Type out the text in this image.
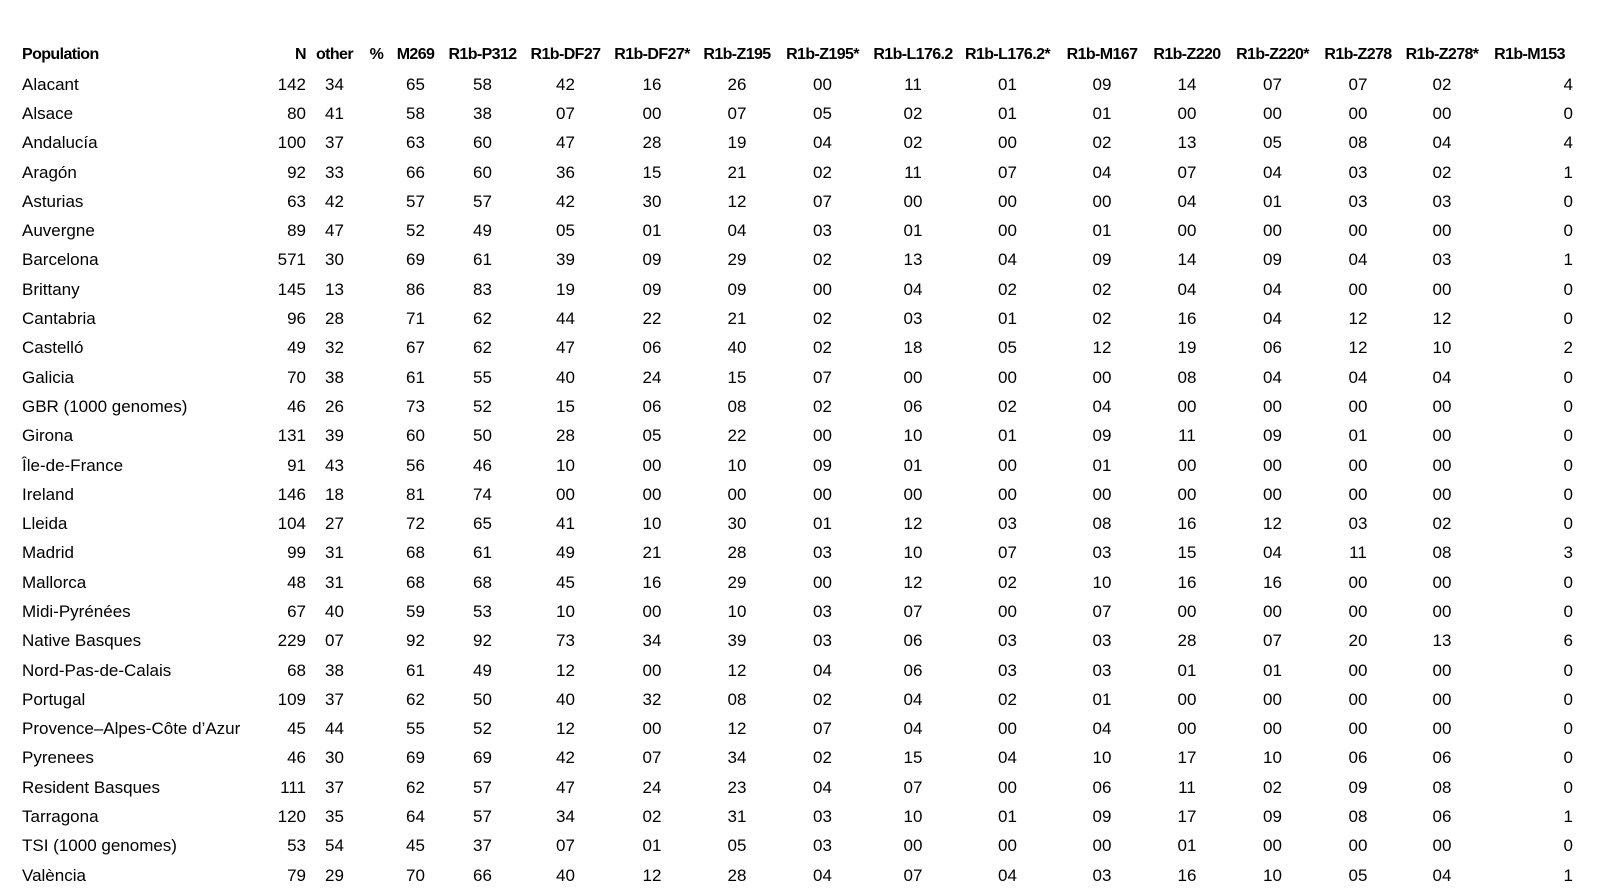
Population	N	other	%	M269	R1b-P312	R1b-DF27	R1b-DF27*	R1b-Z195	R1b-Z195*	R1b-L176.2	R1b-L176.2*	R1b-M167	R1b-Z220	R1b-Z220*	R1b-Z278	R1b-Z278*	R1b-M153
Alacant	142	34		65	58	42	16	26	00	11	01	09	14	07	07	02	4
Alsace	80	41		58	38	07	00	07	05	02	01	01	00	00	00	00	0
Andalucía	100	37		63	60	47	28	19	04	02	00	02	13	05	08	04	4
Aragón	92	33		66	60	36	15	21	02	11	07	04	07	04	03	02	1
Asturias	63	42		57	57	42	30	12	07	00	00	00	04	01	03	03	0
Auvergne	89	47		52	49	05	01	04	03	01	00	01	00	00	00	00	0
Barcelona	571	30		69	61	39	09	29	02	13	04	09	14	09	04	03	1
Brittany	145	13		86	83	19	09	09	00	04	02	02	04	04	00	00	0
Cantabria	96	28		71	62	44	22	21	02	03	01	02	16	04	12	12	0
Castelló	49	32		67	62	47	06	40	02	18	05	12	19	06	12	10	2
Galicia	70	38		61	55	40	24	15	07	00	00	00	08	04	04	04	0
GBR (1000 genomes)	46	26		73	52	15	06	08	02	06	02	04	00	00	00	00	0
Girona	131	39		60	50	28	05	22	00	10	01	09	11	09	01	00	0
Île-de-France	91	43		56	46	10	00	10	09	01	00	01	00	00	00	00	0
Ireland	146	18		81	74	00	00	00	00	00	00	00	00	00	00	00	0
Lleida	104	27		72	65	41	10	30	01	12	03	08	16	12	03	02	0
Madrid	99	31		68	61	49	21	28	03	10	07	03	15	04	11	08	3
Mallorca	48	31		68	68	45	16	29	00	12	02	10	16	16	00	00	0
Midi-Pyrénées	67	40		59	53	10	00	10	03	07	00	07	00	00	00	00	0
Native Basques	229	07		92	92	73	34	39	03	06	03	03	28	07	20	13	6
Nord-Pas-de-Calais	68	38		61	49	12	00	12	04	06	03	03	01	01	00	00	0
Portugal	109	37		62	50	40	32	08	02	04	02	01	00	00	00	00	0
Provence–Alpes-Côte d’Azur	45	44		55	52	12	00	12	07	04	00	04	00	00	00	00	0
Pyrenees	46	30		69	69	42	07	34	02	15	04	10	17	10	06	06	0
Resident Basques	111	37		62	57	47	24	23	04	07	00	06	11	02	09	08	0
Tarragona	120	35		64	57	34	02	31	03	10	01	09	17	09	08	06	1
TSI (1000 genomes)	53	54		45	37	07	01	05	03	00	00	00	01	00	00	00	0
València	79	29		70	66	40	12	28	04	07	04	03	16	10	05	04	1
